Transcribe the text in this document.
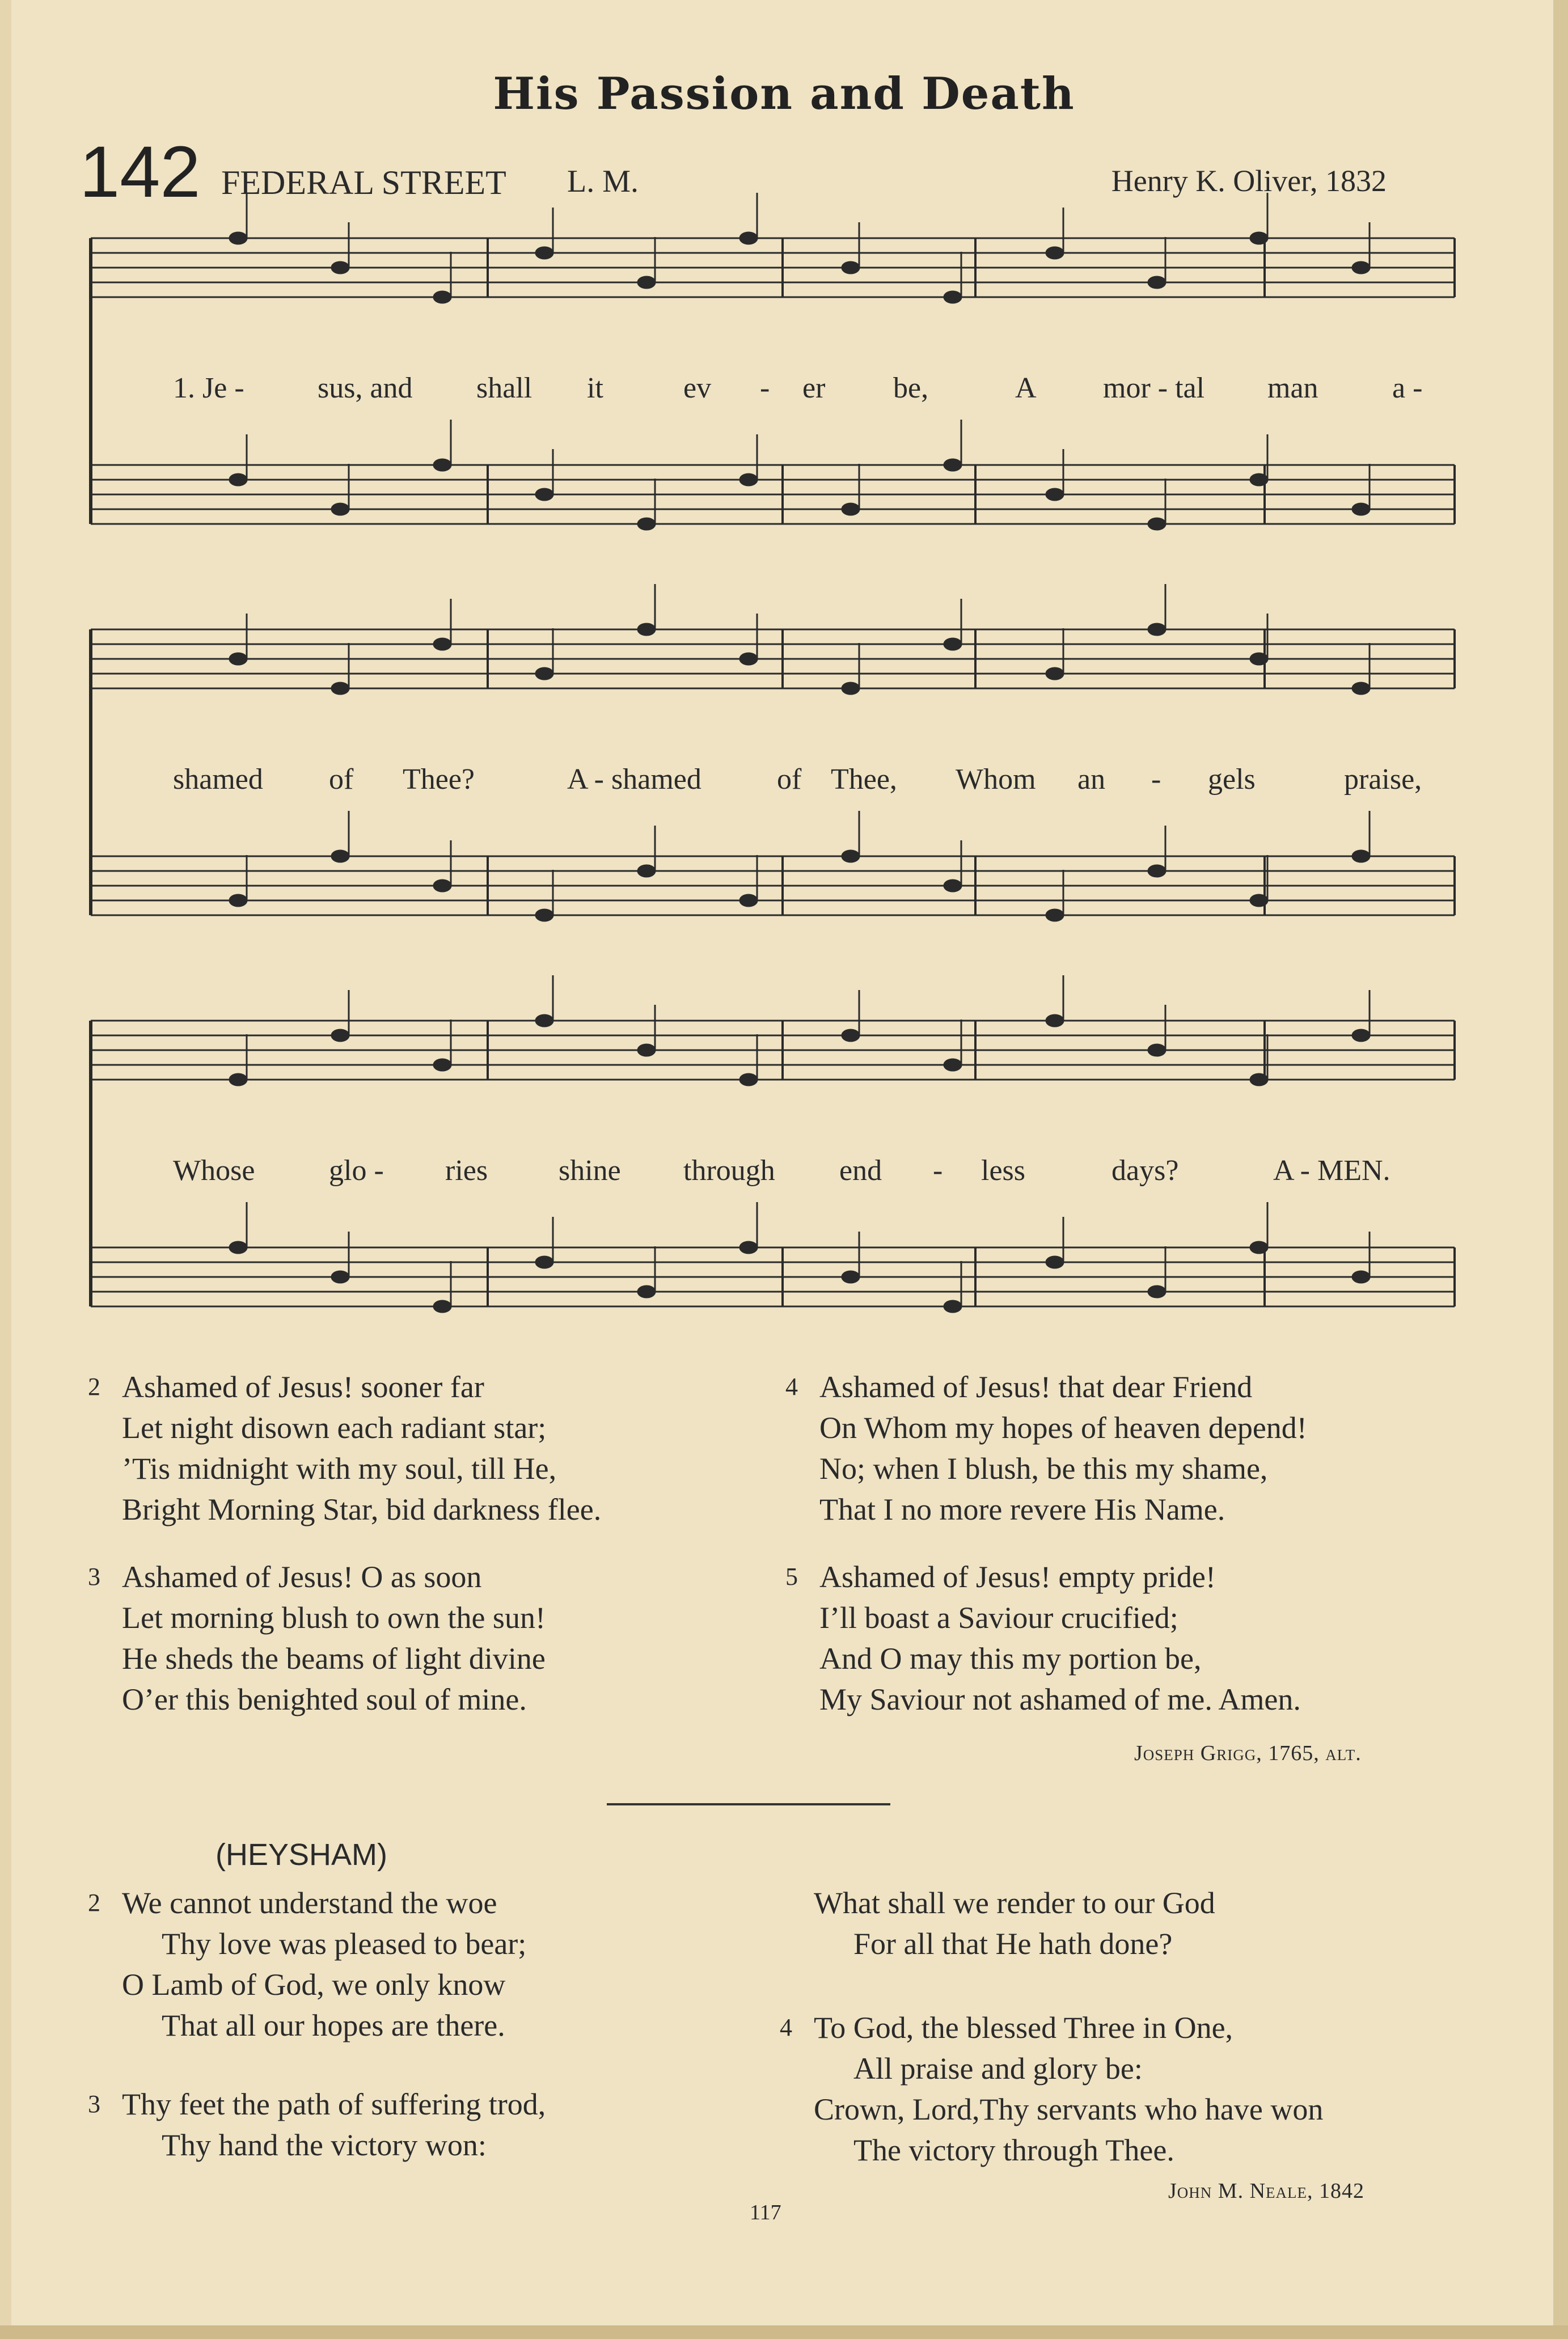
His Passion and Death
142 FEDERAL STREET L. M.	Henry K. Oliver, 1832
1. Je - sus, and shall it	ev - er be,	A mor - tal man	a -
shamed of Thee?	A - shamed	of Thee, Whom an - gels	praise,
Whose	glo - ries shine through end - less	days?	A - MEN.
2 Ashamed of Jesus! sooner far
Let night disown each radiant star;
’Tis midnight with my soul, till He,
Bright Morning Star, bid darkness flee.
3 Ashamed of Jesus! O as soon
Let morning blush to own the sun!
He sheds the beams of light divine
O’er this benighted soul of mine.
4 Ashamed of Jesus! that dear Friend
On Whom my hopes of heaven depend!
No; when I blush, be this my shame,
That I no more revere His Name.
5 Ashamed of Jesus! empty pride!
I’ll boast a Saviour crucified;
And O may this my portion be,
My Saviour not ashamed of me. Amen.
Joseph Grigg, 1765, alt.
(HEYSHAM)
2 We cannot understand the woe
Thy love was pleased to bear;
O Lamb of God, we only know
That all our hopes are there.
3 Thy feet the path of suffering trod,
Thy hand the victory won:
What shall we render to our God
For all that He hath done?
4 To God, the blessed Three in One,
All praise and glory be:
Crown, Lord,Thy servants who have won
The victory through Thee.
John M. Neale, 1842
117
